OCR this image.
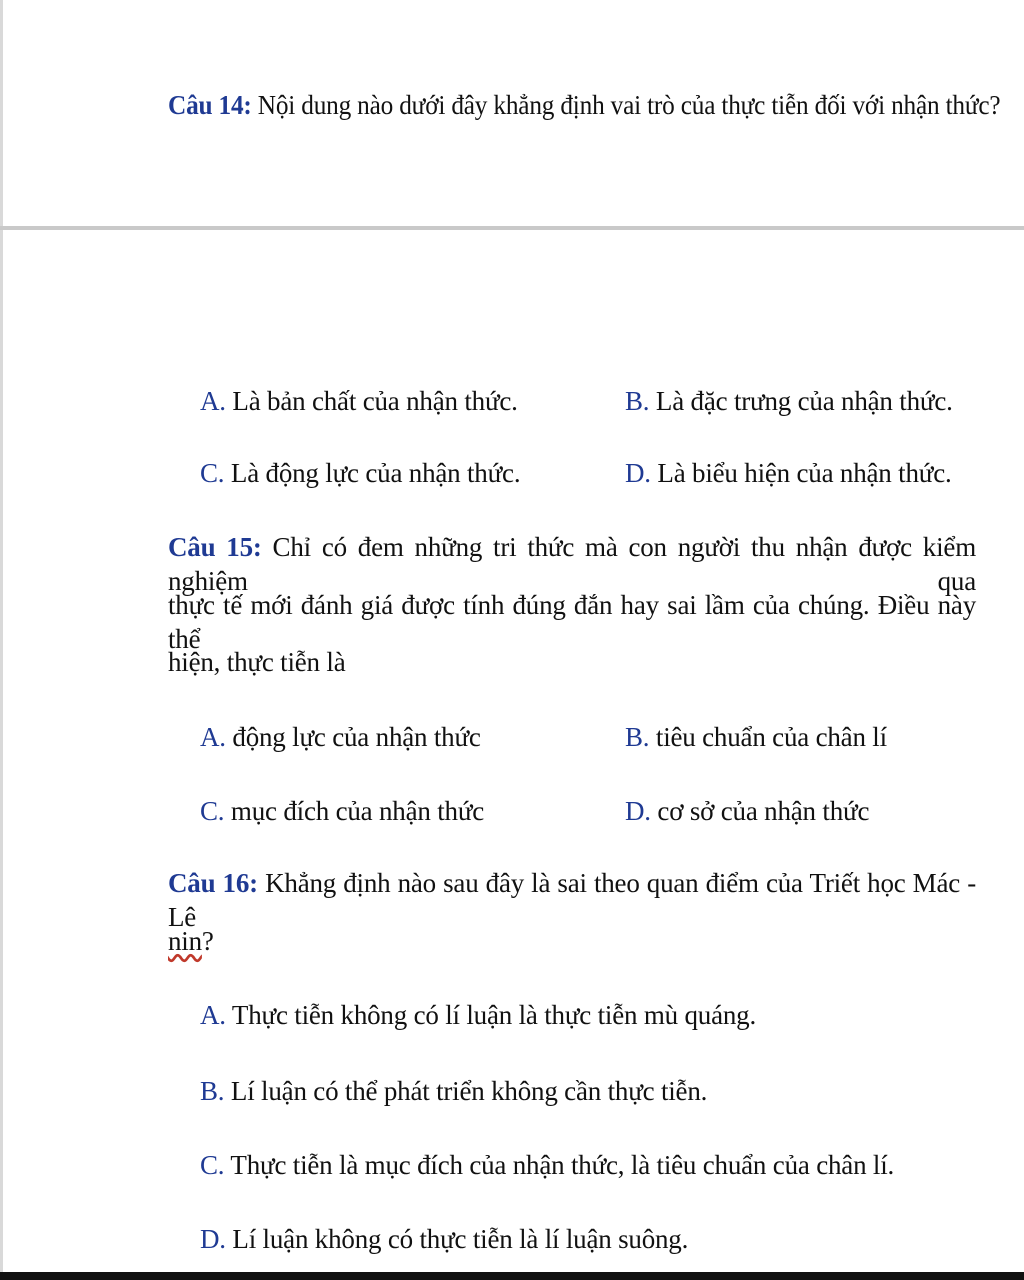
Câu 14: Nội dung nào dưới đây khẳng định vai trò của thực tiễn đối với nhận thức?
A. Là bản chất của nhận thức.	B. Là đặc trưng của nhận thức.
C. Là động lực của nhận thức.	D. Là biểu hiện của nhận thức.
Câu 15: Chỉ có đem những tri thức mà con người thu nhận được kiểm nghiệm qua
thực tế mới đánh giá được tính đúng đắn hay sai lầm của chúng. Điều này thể
hiện, thực tiễn là
A. động lực của nhận thức	B. tiêu chuẩn của chân lí
C. mục đích của nhận thức	D. cơ sở của nhận thức
Câu 16: Khẳng định nào sau đây là sai theo quan điểm của Triết học Mác - Lê
nin?
A. Thực tiễn không có lí luận là thực tiễn mù quáng.
B. Lí luận có thể phát triển không cần thực tiễn.
C. Thực tiễn là mục đích của nhận thức, là tiêu chuẩn của chân lí.
D. Lí luận không có thực tiễn là lí luận suông.
